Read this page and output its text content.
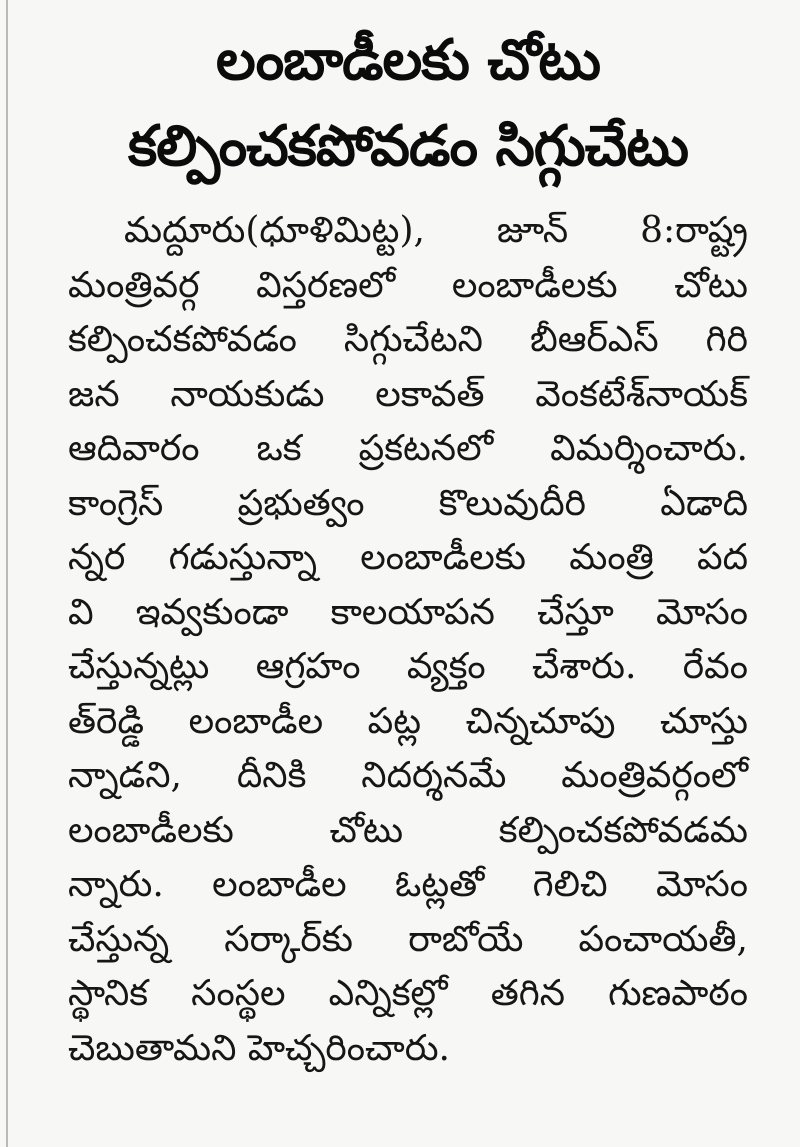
లంబాడీలకు చోటు
కల్పించకపోవడం సిగ్గుచేటు
మద్దూరు(ధూళిమిట్ట), జూన్ 8:రాష్ట్ర
మంత్రివర్గ విస్తరణలో లంబాడీలకు చోటు
కల్పించకపోవడం సిగ్గుచేటని బీఆర్ఎస్ గిరి
జన నాయకుడు లకావత్ వెంకటేశ్‌నాయక్
ఆదివారం ఒక ప్రకటనలో విమర్శించారు.
కాంగ్రెస్ ప్రభుత్వం కొలువుదీరి ఏడాది
న్నర గడుస్తున్నా లంబాడీలకు మంత్రి పద
వి ఇవ్వకుండా కాలయాపన చేస్తూ మోసం
చేస్తున్నట్లు ఆగ్రహం వ్యక్తం చేశారు. రేవం
త్‌రెడ్డి లంబాడీల పట్ల చిన్నచూపు చూస్తు
న్నాడని, దీనికి నిదర్శనమే మంత్రివర్గంలో
లంబాడీలకు చోటు కల్పించకపోవడమ
న్నారు. లంబాడీల ఓట్లతో గెలిచి మోసం
చేస్తున్న సర్కార్‌కు రాబోయే పంచాయతీ,
స్థానిక సంస్థల ఎన్నికల్లో తగిన గుణపాఠం
చెబుతామని హెచ్చరించారు.
